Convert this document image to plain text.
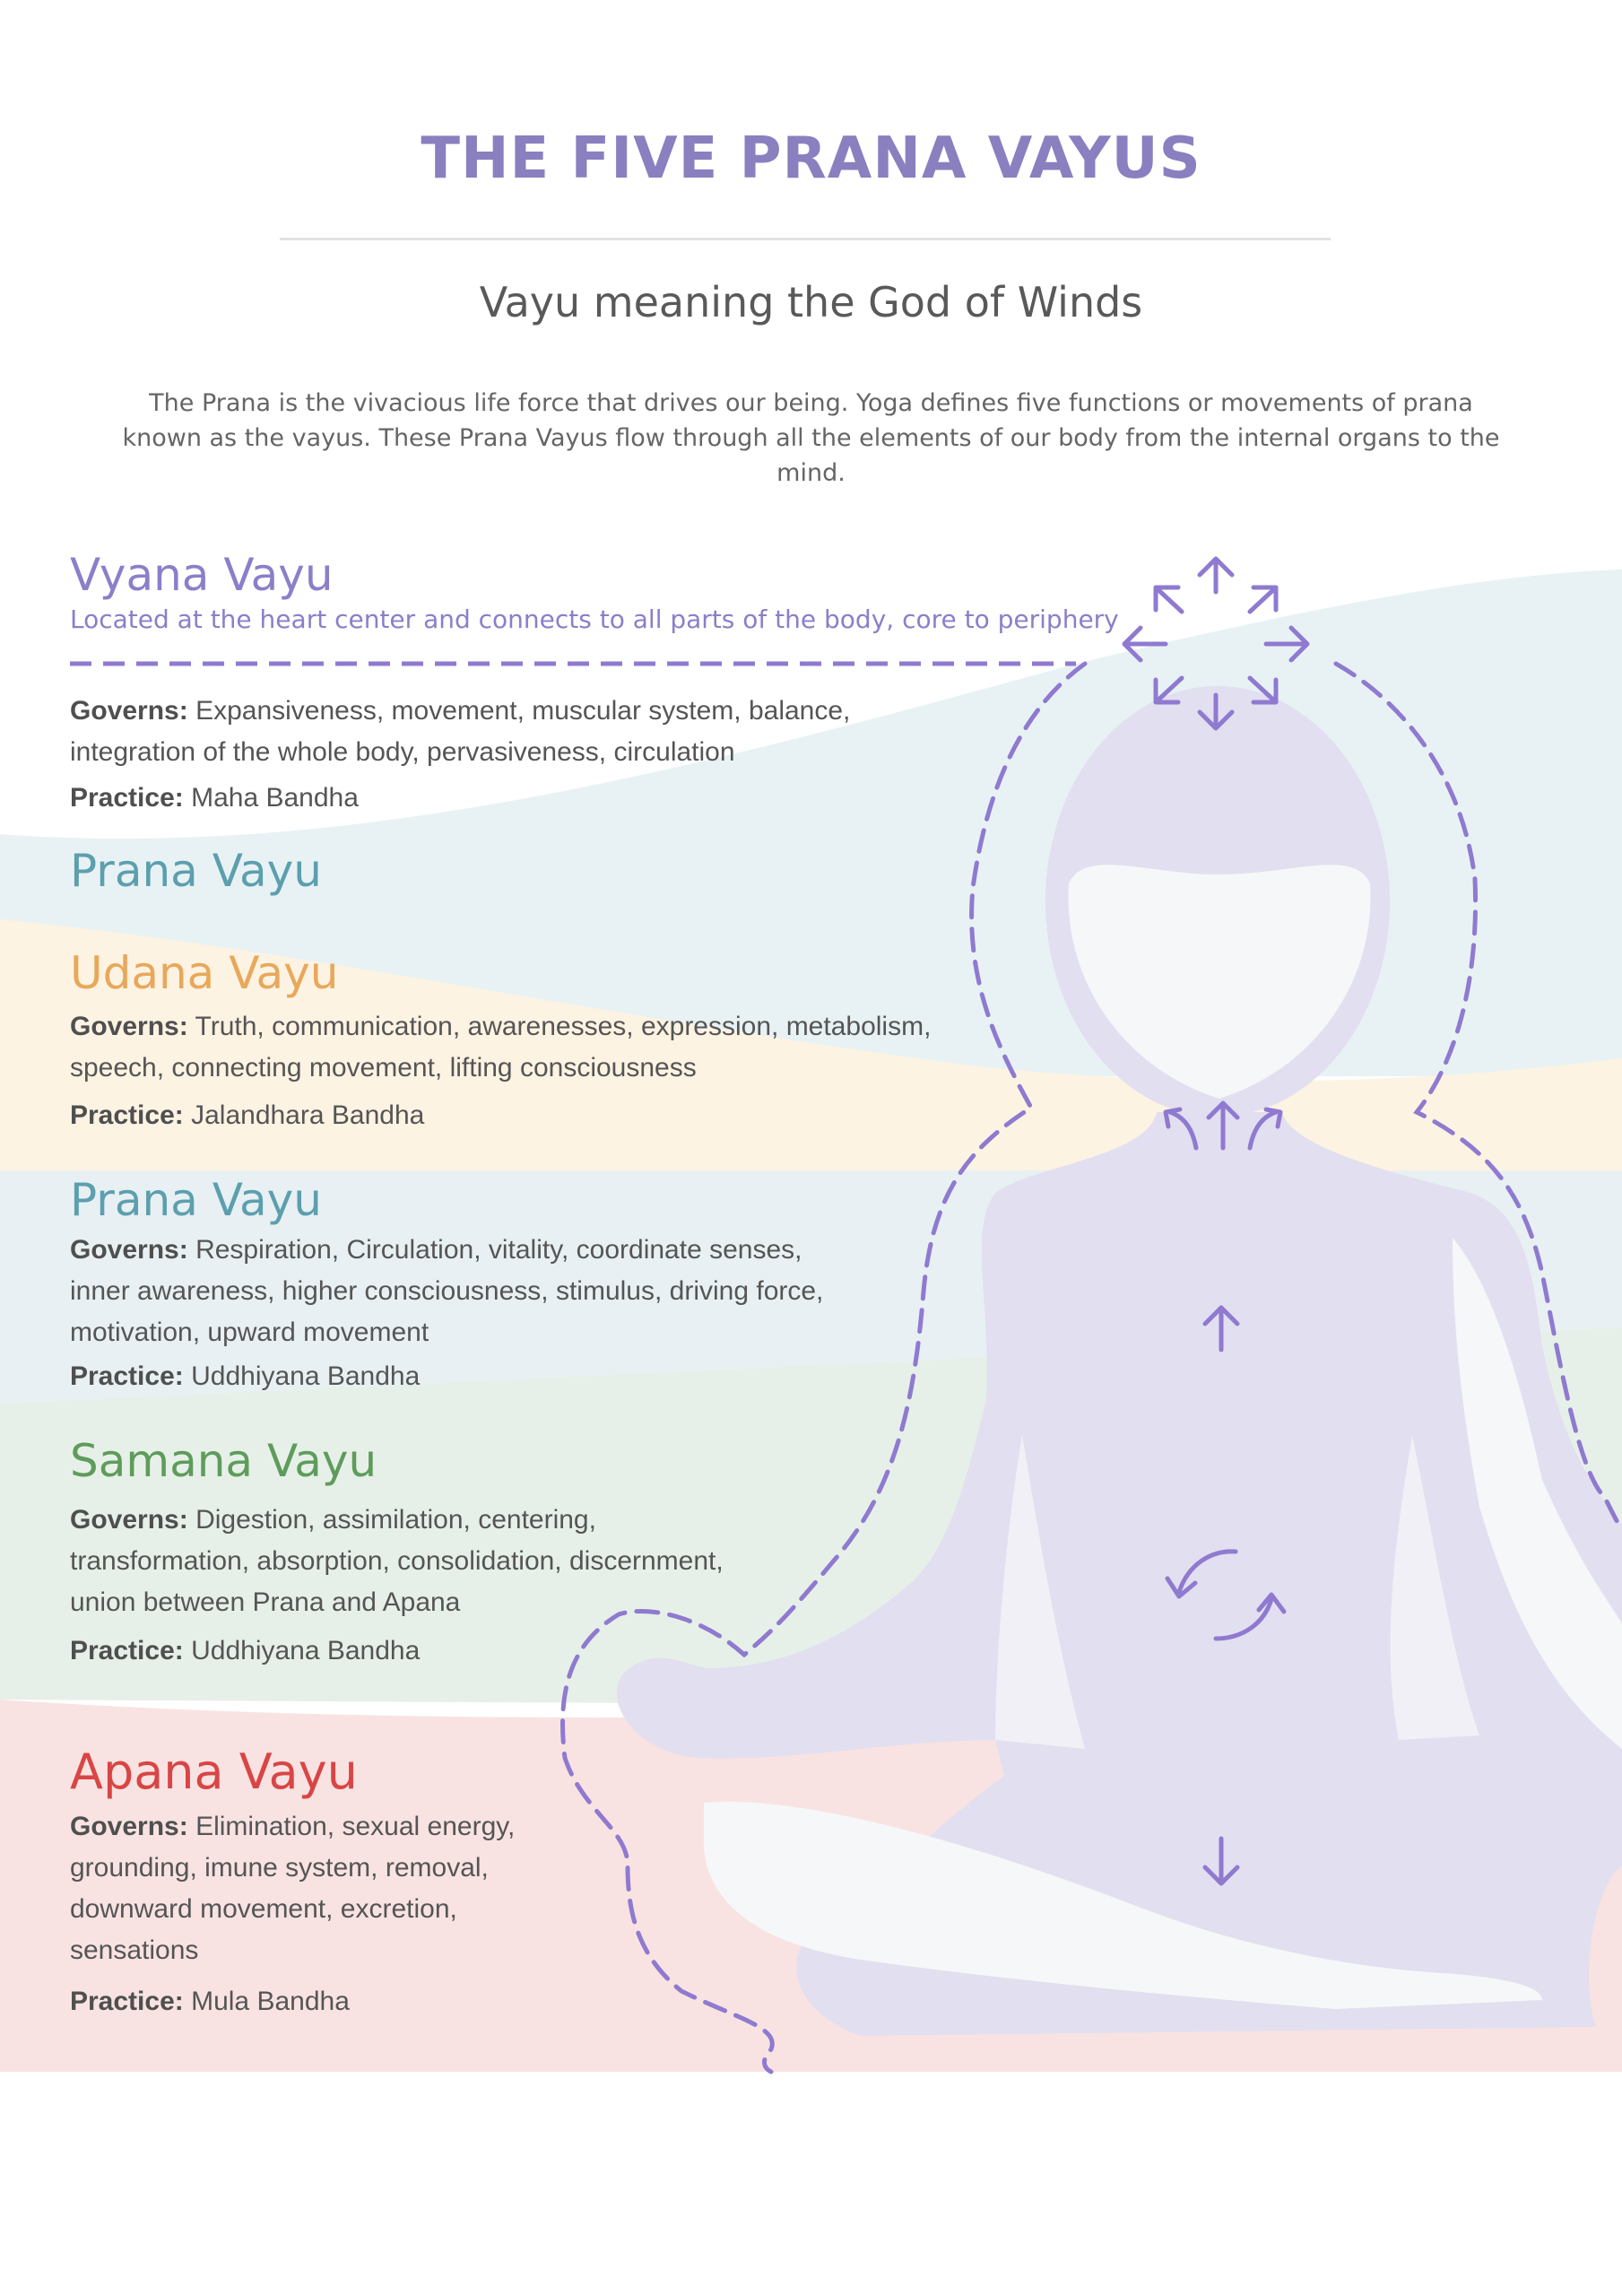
THE FIVE PRANA VAYUS
Vayu meaning the God of Winds
The Prana is the vivacious life force that drives our being. Yoga defines five functions or movements of prana known as the vayus. These Prana Vayus flow through all the elements of our body from the internal organs to the mind.
Vyana Vayu
Located at the heart center and connects to all parts of the body, core to periphery
Governs: Expansiveness, movement, muscular system, balance, integration of the whole body, pervasiveness, circulation
Practice: Maha Bandha
Prana Vayu
Udana Vayu
Governs: Truth, communication, awarenesses, expression, metabolism, speech, connecting movement, lifting consciousness
Practice: Jalandhara Bandha
Prana Vayu
Governs: Respiration, Circulation, vitality, coordinate senses, inner awareness, higher consciousness, stimulus, driving force, motivation, upward movement
Practice: Uddhiyana Bandha
Samana Vayu
Governs: Digestion, assimilation, centering, transformation, absorption, consolidation, discernment, union between Prana and Apana
Practice: Uddhiyana Bandha
Apana Vayu
Governs: Elimination, sexual energy, grounding, imune system, removal, downward movement, excretion, sensations
Practice: Mula Bandha
